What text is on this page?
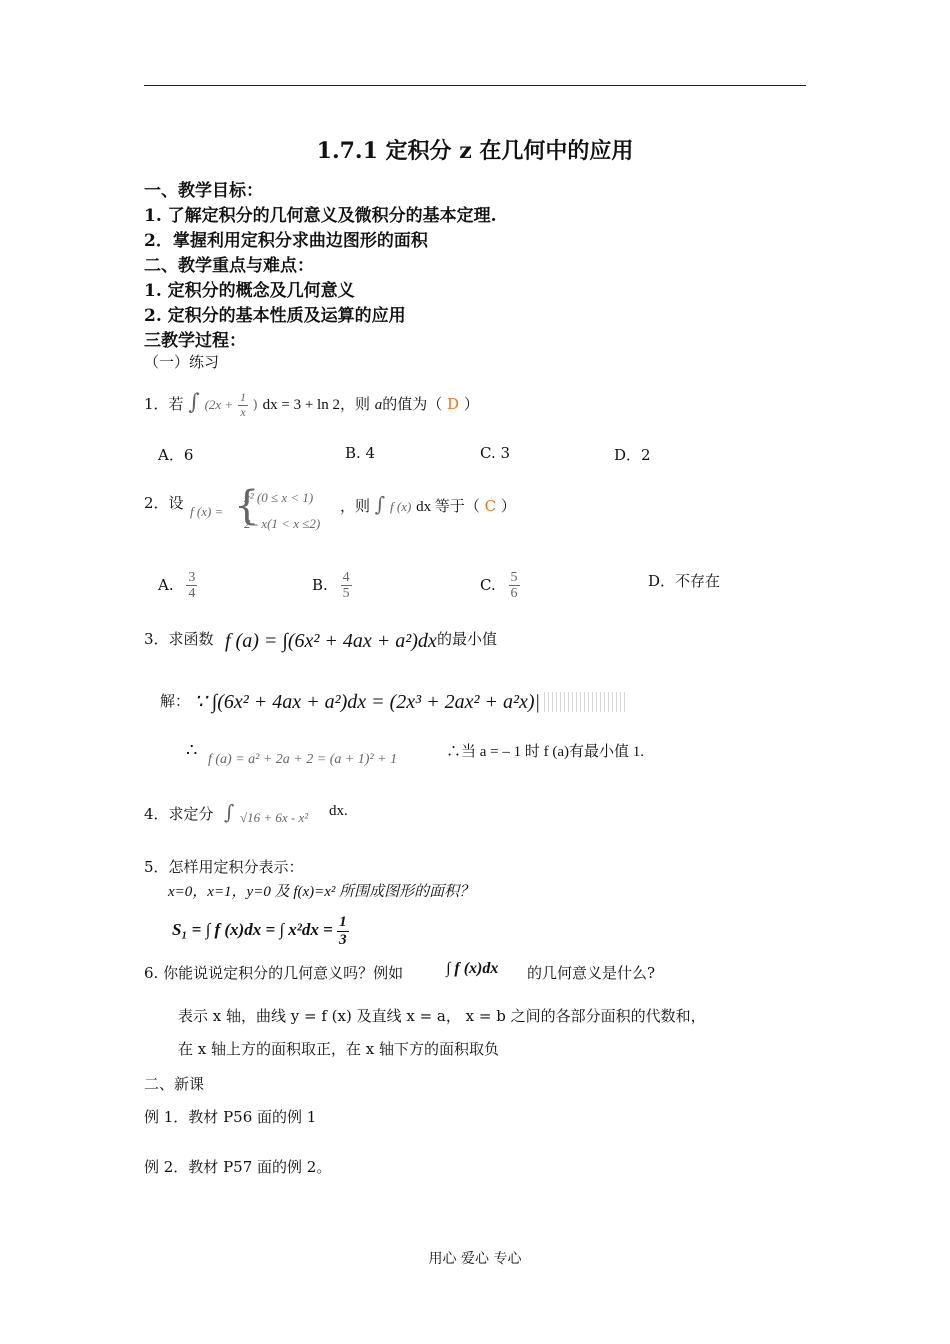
1.7.1 定积分 z 在几何中的应用
一、教学目标：
1. 了解定积分的几何意义及微积分的基本定理.
2．掌握利用定积分求曲边图形的面积
二、教学重点与难点：
1. 定积分的概念及几何意义
2. 定积分的基本性质及运算的应用
三教学过程：
（一）练习
1．若 ∫ ($2x + \frac{1}{x}$ ) dx = 3 + ln 2，则 a的值为（ D ）
A．6	B. 4	C. 3	D．2
2．设 f (x) = {
x² (0 ≤ x < 1)
2 - x(1 < x ≤2)
，则 ∫ f (x) dx 等于（ C ）
A. $\frac{3}{4}$	B. $\frac{4}{5}$	C. $\frac{5}{6}$	D．不存在
3．求函数 f (a) = ∫(6x² + 4ax + a²)dx 的最小值
解： ∵ ∫(6x² + 4ax + a²)dx = (2x³ + 2ax² + a²x)|
∴ f (a) = a² + 2a + 2 = (a + 1)² + 1	∴当 a = – 1 时 f (a)有最小值 1.
4．求定分 ∫ √16 + 6x - x² dx.
5．怎样用定积分表示：
x=0，x=1，y=0 及 f(x)=x² 所围成图形的面积？
S₁ = ∫ f (x)dx = ∫ $x^2dx = \frac{1}{3}$
6. 你能说说定积分的几何意义吗？例如	∫ f (x)dx 的几何意义是什么?
表示 x 轴，曲线 y = f (x) 及直线 x = a， x = b 之间的各部分面积的代数和，
在 x 轴上方的面积取正，在 x 轴下方的面积取负
二、新课
例 1．教材 P56 面的例 1
例 2．教材 P57 面的例 2。
用心 爱心 专心
